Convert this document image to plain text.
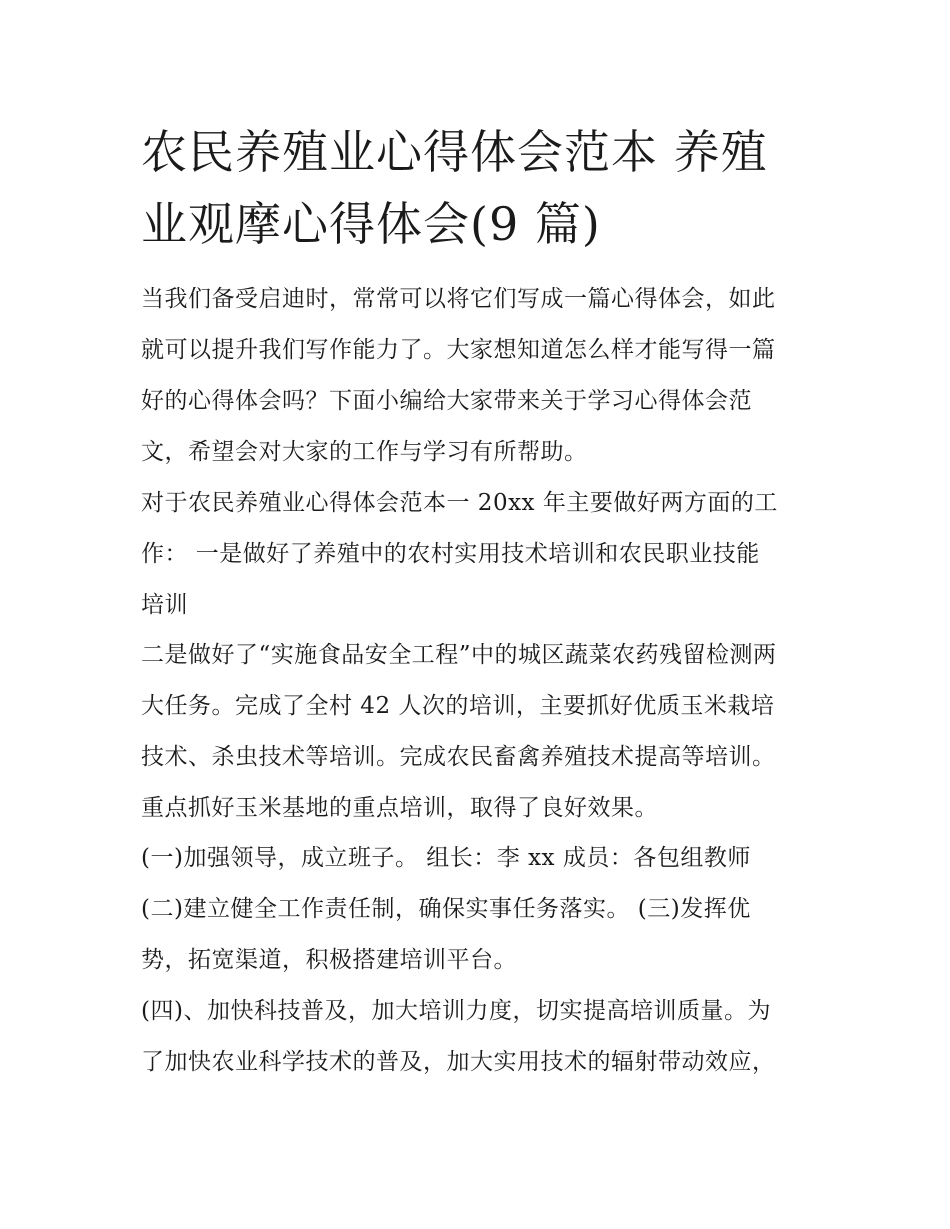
农民养殖业心得体会范本 养殖
业观摩心得体会(9 篇)

当我们备受启迪时，常常可以将它们写成一篇心得体会，如此
就可以提升我们写作能力了。大家想知道怎么样才能写得一篇
好的心得体会吗？下面小编给大家带来关于学习心得体会范
文，希望会对大家的工作与学习有所帮助。

对于农民养殖业心得体会范本一 20xx 年主要做好两方面的工
作： 一是做好了养殖中的农村实用技术培训和农民职业技能
培训

二是做好了“实施食品安全工程”中的城区蔬菜农药残留检测两
大任务。完成了全村 42 人次的培训，主要抓好优质玉米栽培
技术、杀虫技术等培训。完成农民畜禽养殖技术提高等培训。
重点抓好玉米基地的重点培训，取得了良好效果。

(一)加强领导，成立班子。 组长：李 xx 成员：各包组教师

(二)建立健全工作责任制，确保实事任务落实。 (三)发挥优
势，拓宽渠道，积极搭建培训平台。

(四)、加快科技普及，加大培训力度，切实提高培训质量。为
了加快农业科学技术的普及，加大实用技术的辐射带动效应，
